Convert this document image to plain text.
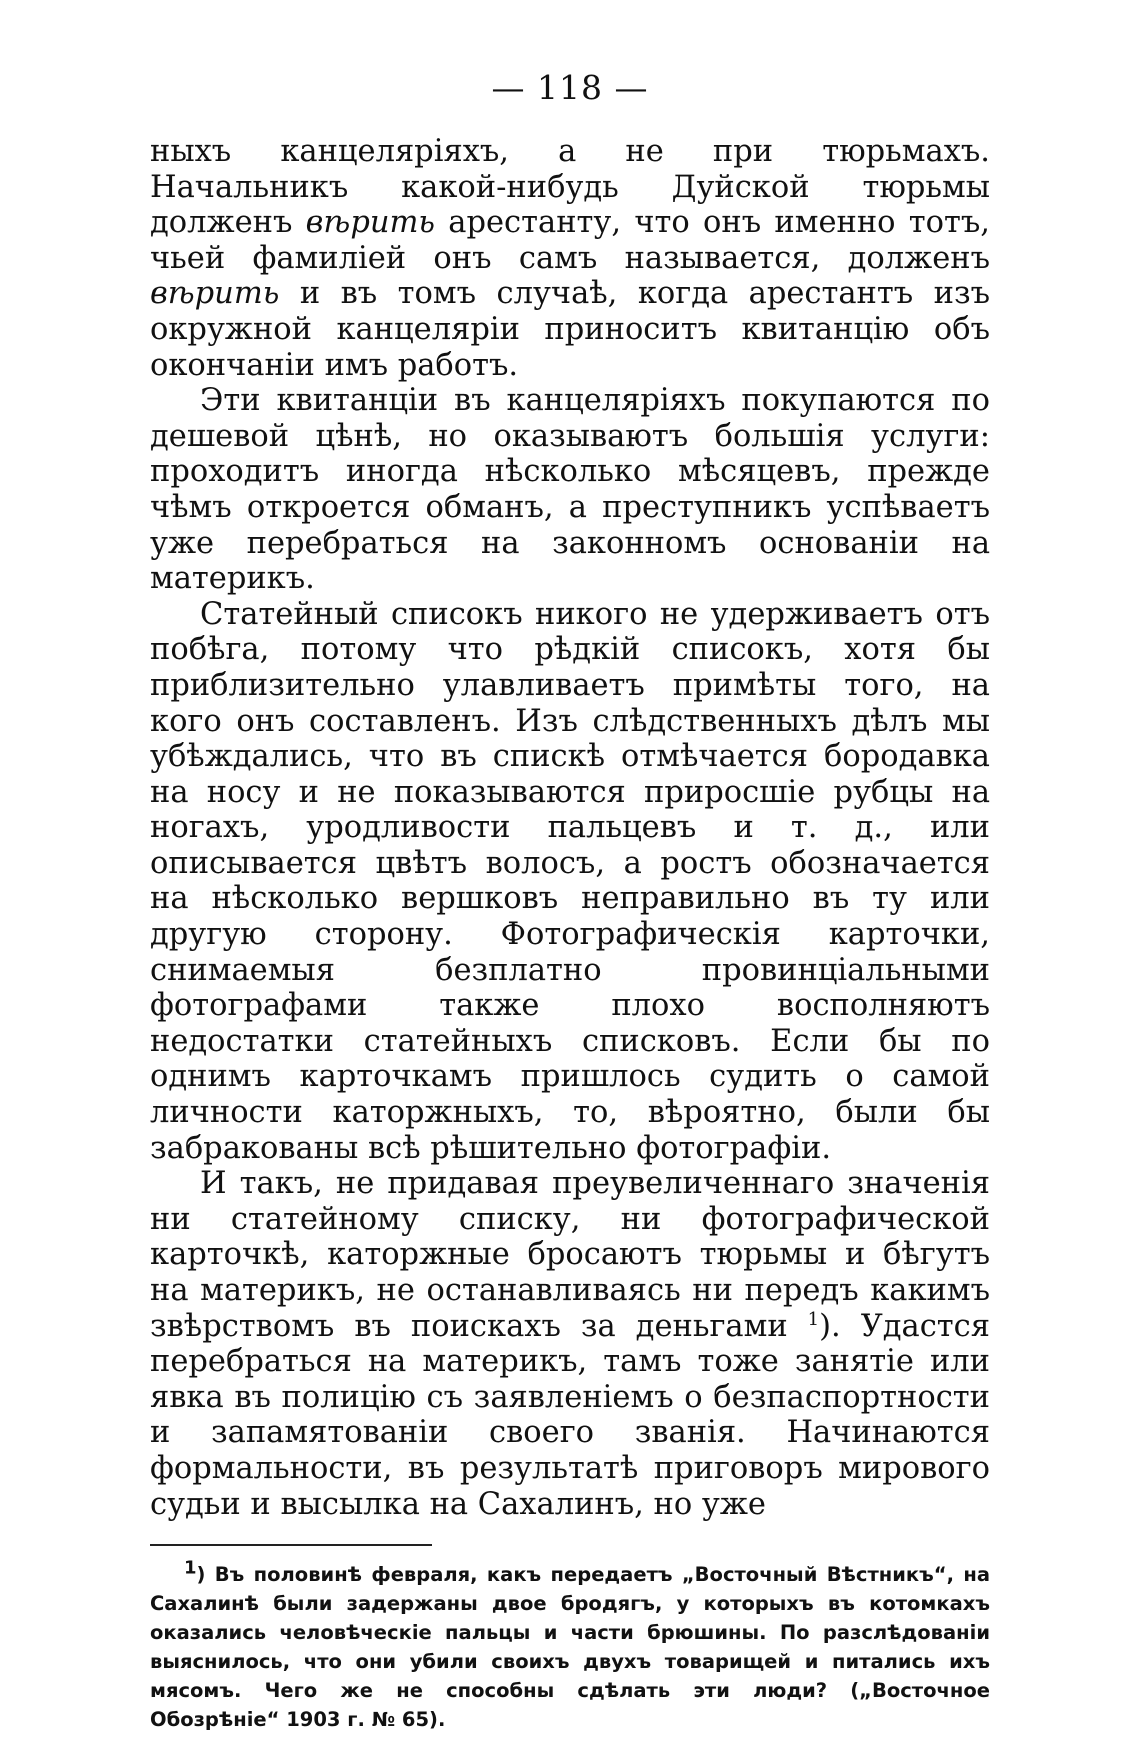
— 118 —

ныхъ канцеляріяхъ, а не при тюрьмахъ. Начальникъ какой-нибудь Дуйской тюрьмы долженъ вѣрить арестанту, что онъ именно тотъ, чьей фамиліей онъ самъ называется, долженъ вѣрить и въ томъ случаѣ, когда арестантъ изъ окружной канцеляріи приноситъ квитанцію объ окончаніи имъ работъ.

Эти квитанціи въ канцеляріяхъ покупаются по дешевой цѣнѣ, но оказываютъ большія услуги: проходитъ иногда нѣсколько мѣсяцевъ, прежде чѣмъ откроется обманъ, а преступникъ успѣваетъ уже перебраться на законномъ основаніи на материкъ.

Статейный списокъ никого не удерживаетъ отъ побѣга, потому что рѣдкій списокъ, хотя бы приблизительно улавливаетъ примѣты того, на кого онъ составленъ. Изъ слѣдственныхъ дѣлъ мы убѣждались, что въ спискѣ отмѣчается бородавка на носу и не показываются приросшіе рубцы на ногахъ, уродливости пальцевъ и т. д., или описывается цвѣтъ волосъ, а ростъ обозначается на нѣсколько вершковъ неправильно въ ту или другую сторону. Фотографическія карточки, снимаемыя безплатно провинціальными фотографами также плохо восполняютъ недостатки статейныхъ списковъ. Если бы по однимъ карточкамъ пришлось судить о самой личности каторжныхъ, то, вѣроятно, были бы забракованы всѣ рѣшительно фотографіи.

И такъ, не придавая преувеличеннаго значенія ни статейному списку, ни фотографической карточкѣ, каторжные бросаютъ тюрьмы и бѣгутъ на материкъ, не останавливаясь ни передъ какимъ звѣрствомъ въ поискахъ за деньгами $^1$). Удастся перебраться на материкъ, тамъ тоже занятіе или явка въ полицію съ заявленіемъ о безпаспортности и запамятованіи своего званія. Начинаются формальности, въ результатѣ приговоръ мирового судьи и высылка на Сахалинъ, но уже

$^1$) Въ половинѣ февраля, какъ передаетъ „Восточный Вѣстникъ“, на Сахалинѣ были задержаны двое бродягъ, у которыхъ въ котомкахъ оказались человѣческіе пальцы и части брюшины. По разслѣдованіи выяснилось, что они убили своихъ двухъ товарищей и питались ихъ мясомъ. Чего же не способны сдѣлать эти люди? („Восточное Обозрѣніе“ 1903 г. № 65).
